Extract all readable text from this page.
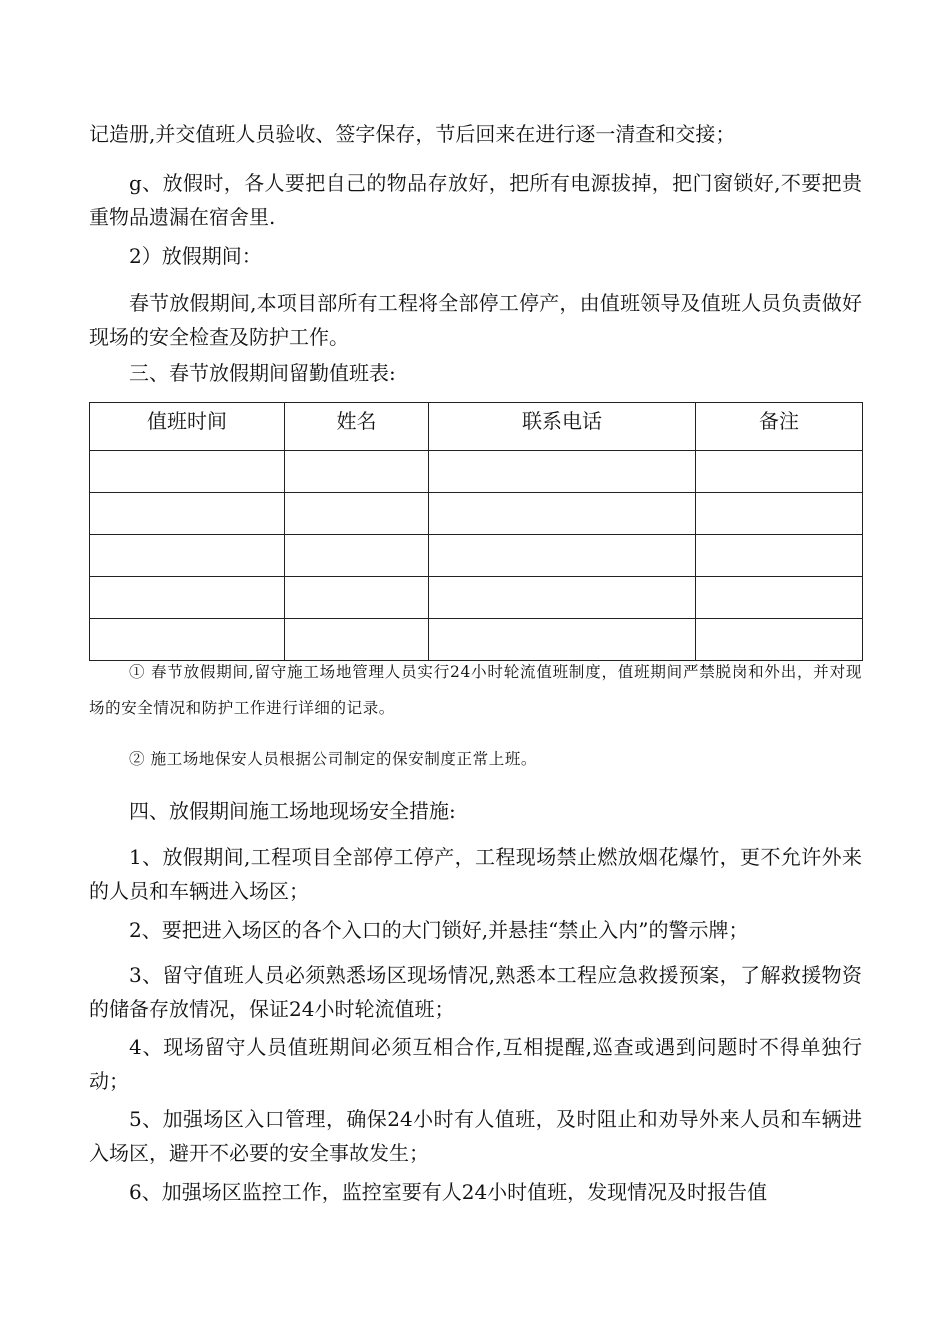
记造册,并交值班人员验收、签字保存，节后回来在进行逐一清查和交接；

g、放假时，各人要把自己的物品存放好，把所有电源拔掉，把门窗锁好,不要把贵重物品遗漏在宿舍里.

2）放假期间：

春节放假期间,本项目部所有工程将全部停工停产，由值班领导及值班人员负责做好现场的安全检查及防护工作。

三、春节放假期间留勤值班表:

值班时间	姓名	联系电话	备注

① 春节放假期间,留守施工场地管理人员实行24小时轮流值班制度，值班期间严禁脱岗和外出，并对现场的安全情况和防护工作进行详细的记录。

② 施工场地保安人员根据公司制定的保安制度正常上班。

四、放假期间施工场地现场安全措施:

1、放假期间,工程项目全部停工停产，工程现场禁止燃放烟花爆竹，更不允许外来的人员和车辆进入场区；

2、要把进入场区的各个入口的大门锁好,并悬挂“禁止入内”的警示牌；

3、留守值班人员必须熟悉场区现场情况,熟悉本工程应急救援预案，了解救援物资的储备存放情况，保证24小时轮流值班；

4、现场留守人员值班期间必须互相合作,互相提醒,巡查或遇到问题时不得单独行动；

5、加强场区入口管理，确保24小时有人值班，及时阻止和劝导外来人员和车辆进入场区，避开不必要的安全事故发生；

6、加强场区监控工作，监控室要有人24小时值班，发现情况及时报告值
